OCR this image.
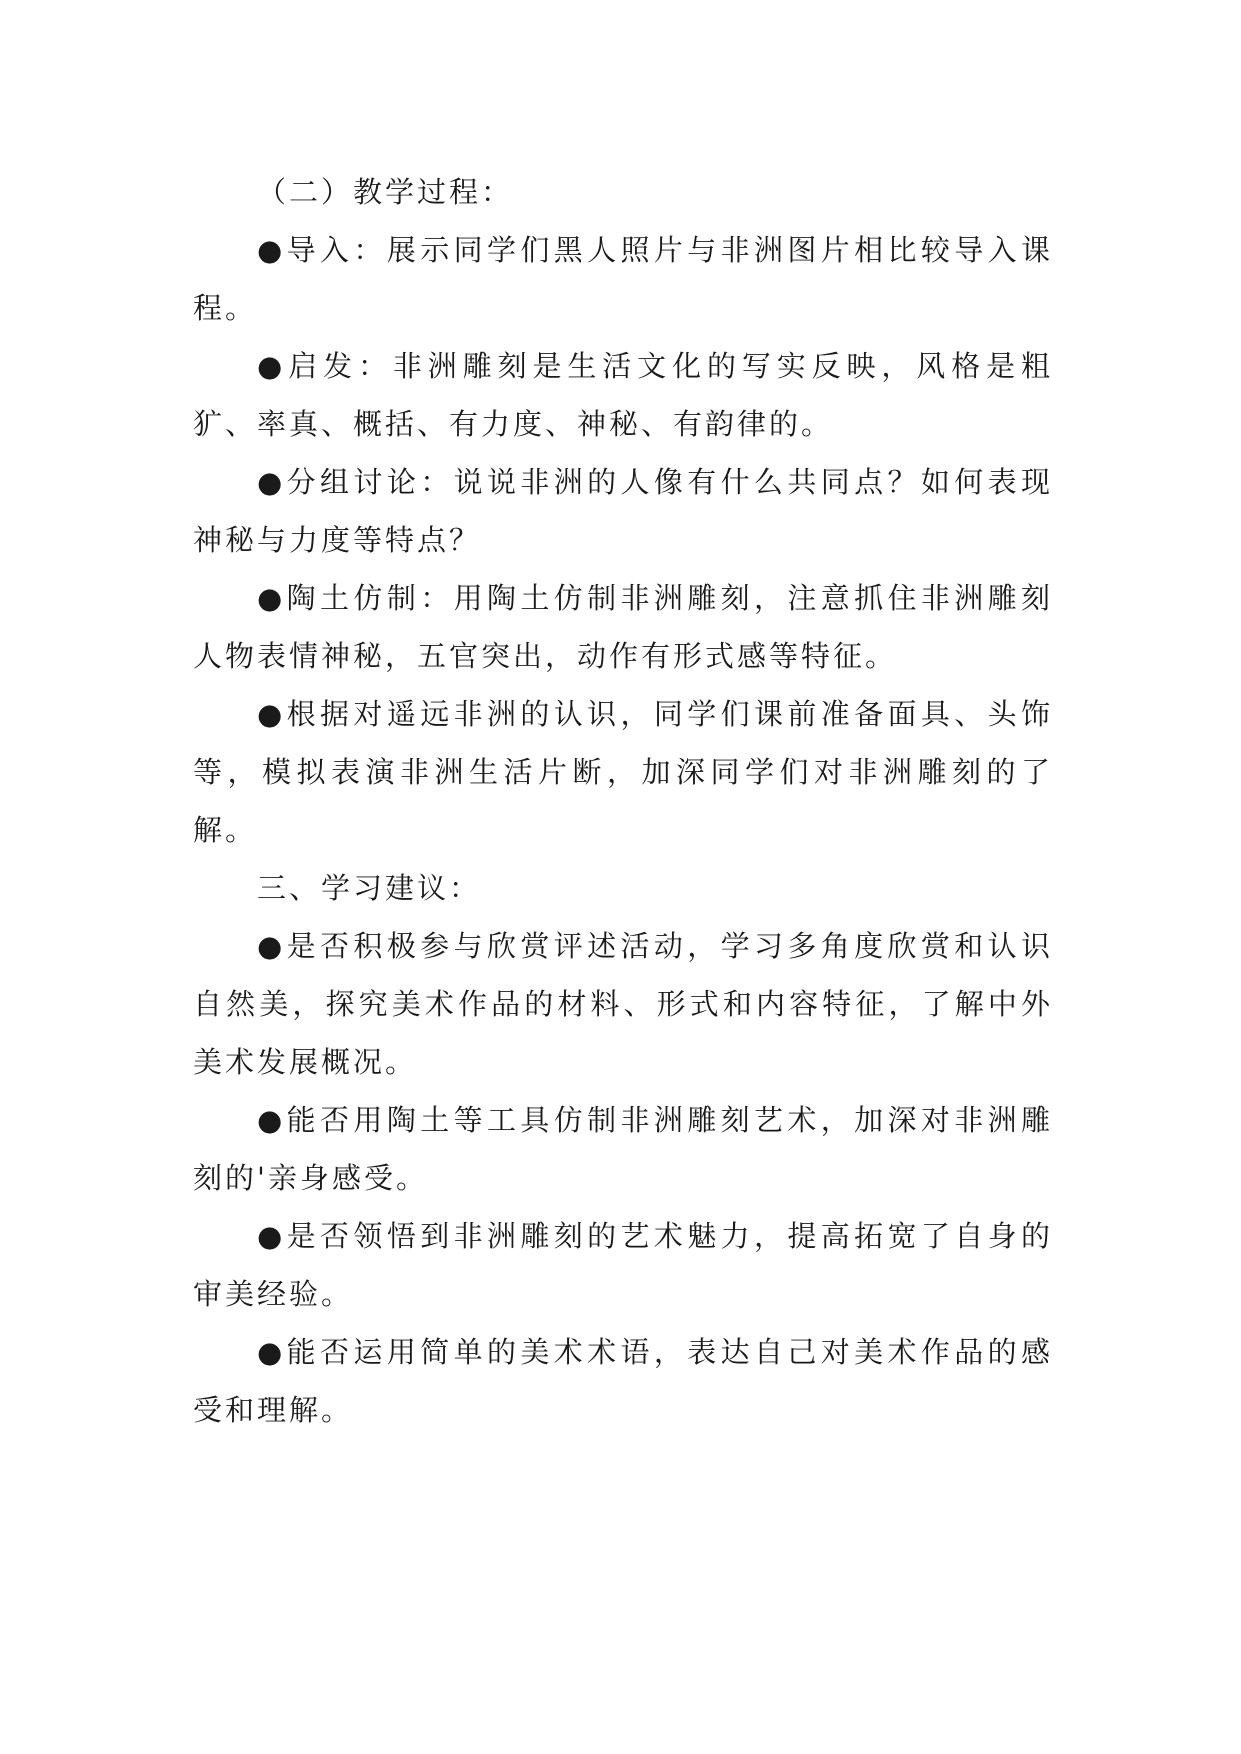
（二）教学过程：

●导入：展示同学们黑人照片与非洲图片相比较导入课程。

●启发：非洲雕刻是生活文化的写实反映，风格是粗犷、率真、概括、有力度、神秘、有韵律的。

●分组讨论：说说非洲的人像有什么共同点？如何表现神秘与力度等特点？

●陶土仿制：用陶土仿制非洲雕刻，注意抓住非洲雕刻人物表情神秘，五官突出，动作有形式感等特征。

●根据对遥远非洲的认识，同学们课前准备面具、头饰等，模拟表演非洲生活片断，加深同学们对非洲雕刻的了解。

三、学习建议：

●是否积极参与欣赏评述活动，学习多角度欣赏和认识自然美，探究美术作品的材料、形式和内容特征，了解中外美术发展概况。

●能否用陶土等工具仿制非洲雕刻艺术，加深对非洲雕刻的'亲身感受。

●是否领悟到非洲雕刻的艺术魅力，提高拓宽了自身的审美经验。

●能否运用简单的美术术语，表达自己对美术作品的感受和理解。
